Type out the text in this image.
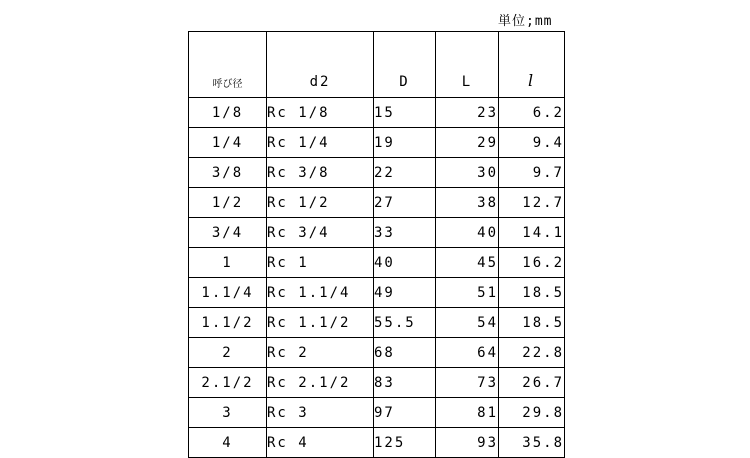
単位;mm
呼び径	d2	D	L	l
1/8	Rc 1/8	15	23	6.2
1/4	Rc 1/4	19	29	9.4
3/8	Rc 3/8	22	30	9.7
1/2	Rc 1/2	27	38	12.7
3/4	Rc 3/4	33	40	14.1
1	Rc 1	40	45	16.2
1.1/4	Rc 1.1/4	49	51	18.5
1.1/2	Rc 1.1/2	55.5	54	18.5
2	Rc 2	68	64	22.8
2.1/2	Rc 2.1/2	83	73	26.7
3	Rc 3	97	81	29.8
4	Rc 4	125	93	35.8
